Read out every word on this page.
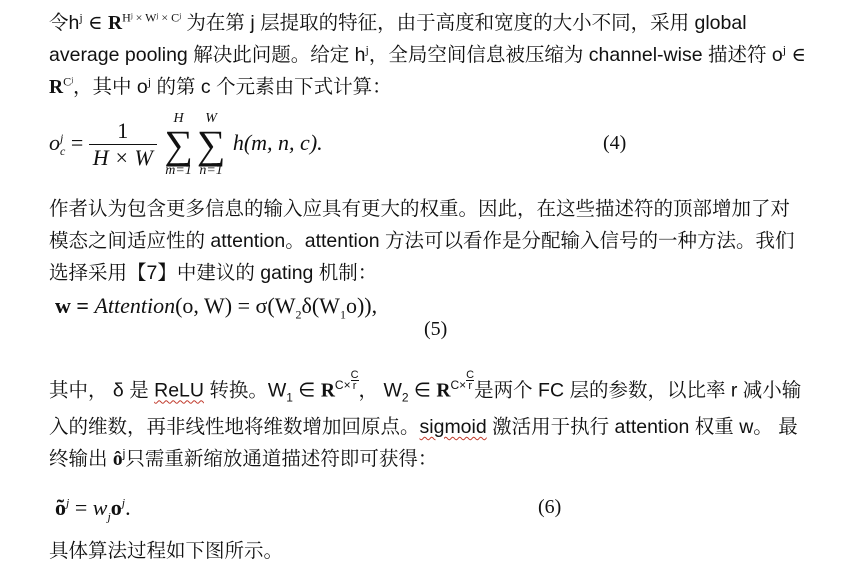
令$h^j$ ∈ $R^{Hʲ \times Wʲ \times Cʲ}$ 为在第 j 层提取的特征，由于高度和宽度的大小不同，采用 global
average pooling 解决此问题。给定 $h^j$，全局空间信息被压缩为 channel-wise 描述符 $o^j$ ∈
$R^{Cʲ}$，其中 $o^j$ 的第 c 个元素由下式计算：
o j
$c = \frac{1}{H \times W}$
	H
∑
m=1
W
∑
n=1
h(m, n, c).	(4)
作者认为包含更多信息的输入应具有更大的权重。因此，在这些描述符的顶部增加了对
模态之间适应性的 attention。attention 方法可以看作是分配输入信号的一种方法。我们
选择采用【7】中建议的 gating 机制：
w = Attention(o, $W) = \sigma(W_2\delta(W_1o))$,
(5)
其中， δ 是 ReLU 转换。$W_1$ ∈ $R^{C\times} \frac{C}{r}$ ， $W_2$ ∈ $R^{C\times} \frac{C}{r}$ 是两个 FC 层的参数，以比率 r 减小输
入的维数，再非线性地将维数增加回原点。sigmoid 激活用于执行 attention 权重 w。 最
终输出 $ô^j$只需重新缩放通道描述符即可获得：
$õ^j = w_jo^j$.	(6)
具体算法过程如下图所示。
